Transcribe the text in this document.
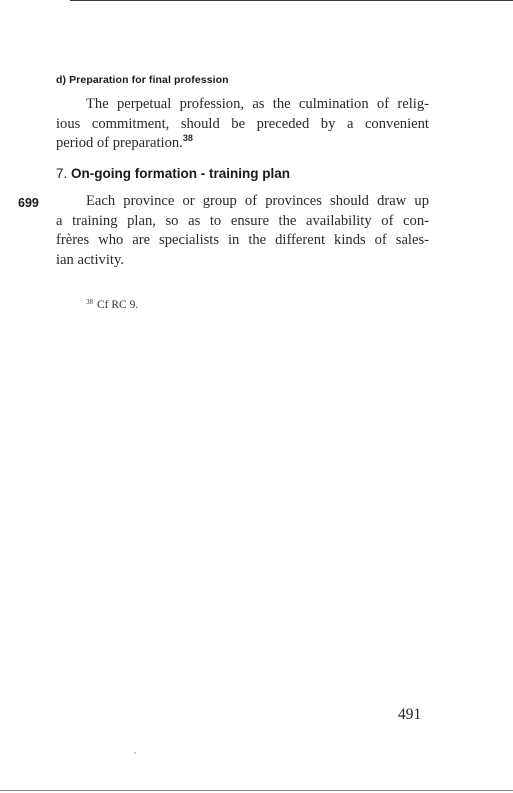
d) Preparation for final profession
The perpetual profession, as the culmination of relig-
ious commitment, should be preceded by a convenient
period of preparation.$^{38}$
7. On-going formation - training plan
699	Each province or group of provinces should draw up
a training plan, so as to ensure the availability of con-
frères who are specialists in the different kinds of sales-
ian activity.
$^{38}$ Cf RC 9.
491
